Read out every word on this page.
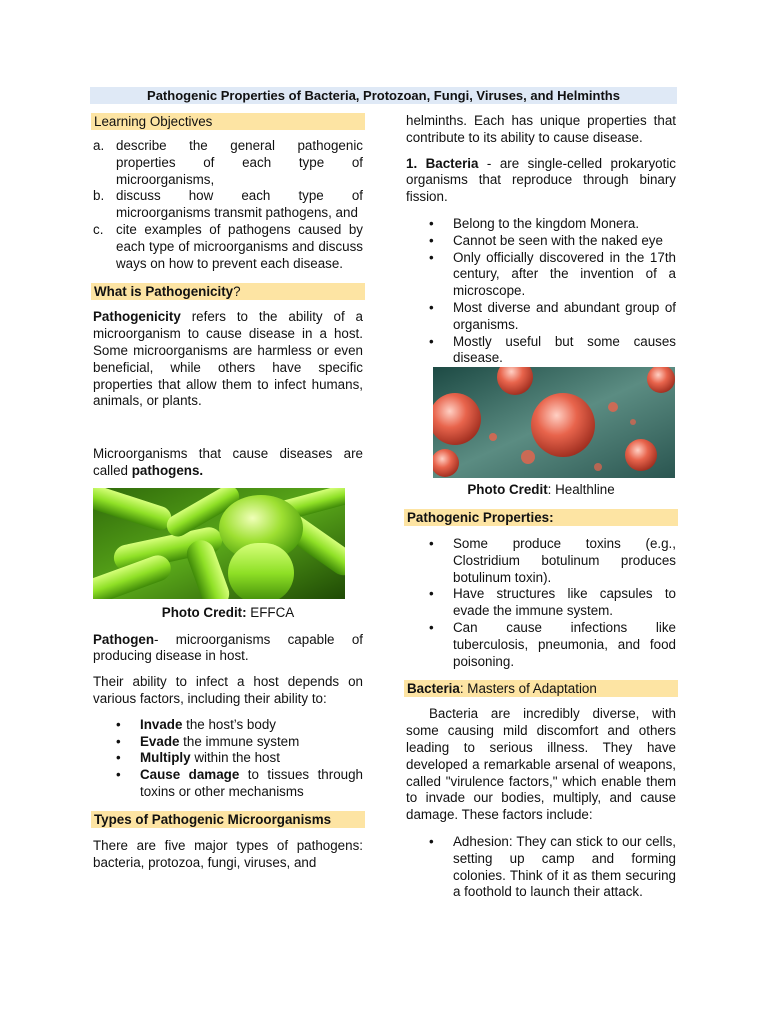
Pathogenic Properties of Bacteria, Protozoan, Fungi, Viruses, and Helminths
Learning Objectives
a. describe the general pathogenic properties of each type of microorganisms,
b. discuss how each type of microorganisms transmit pathogens, and
c. cite examples of pathogens caused by each type of microorganisms and discuss ways on how to prevent each disease.
What is Pathogenicity?

Pathogenicity refers to the ability of a microorganism to cause disease in a host. Some microorganisms are harmless or even beneficial, while others have specific properties that allow them to infect humans, animals, or plants.

Microorganisms that cause diseases are called pathogens.

Photo Credit: EFFCA

Pathogen- microorganisms capable of producing disease in host.

Their ability to infect a host depends on various factors, including their ability to:

• Invade the host’s body
• Evade the immune system
• Multiply within the host
• Cause damage to tissues through toxins or other mechanisms
Types of Pathogenic Microorganisms

There are five major types of pathogens: bacteria, protozoa, fungi, viruses, and

helminths. Each has unique properties that contribute to its ability to cause disease.

1. Bacteria - are single-celled prokaryotic organisms that reproduce through binary fission.

• Belong to the kingdom Monera.
• Cannot be seen with the naked eye
• Only officially discovered in the 17th century, after the invention of a microscope.
• Most diverse and abundant group of organisms.
• Mostly useful but some causes disease.

Photo Credit: Healthline

Pathogenic Properties:
• Some produce toxins (e.g., Clostridium botulinum produces botulinum toxin).
• Have structures like capsules to evade the immune system.
• Can cause infections like tuberculosis, pneumonia, and food poisoning.
Bacteria: Masters of Adaptation

Bacteria are incredibly diverse, with some causing mild discomfort and others leading to serious illness. They have developed a remarkable arsenal of weapons, called "virulence factors," which enable them to invade our bodies, multiply, and cause damage. These factors include:

• Adhesion: They can stick to our cells, setting up camp and forming colonies. Think of it as them securing a foothold to launch their attack.
